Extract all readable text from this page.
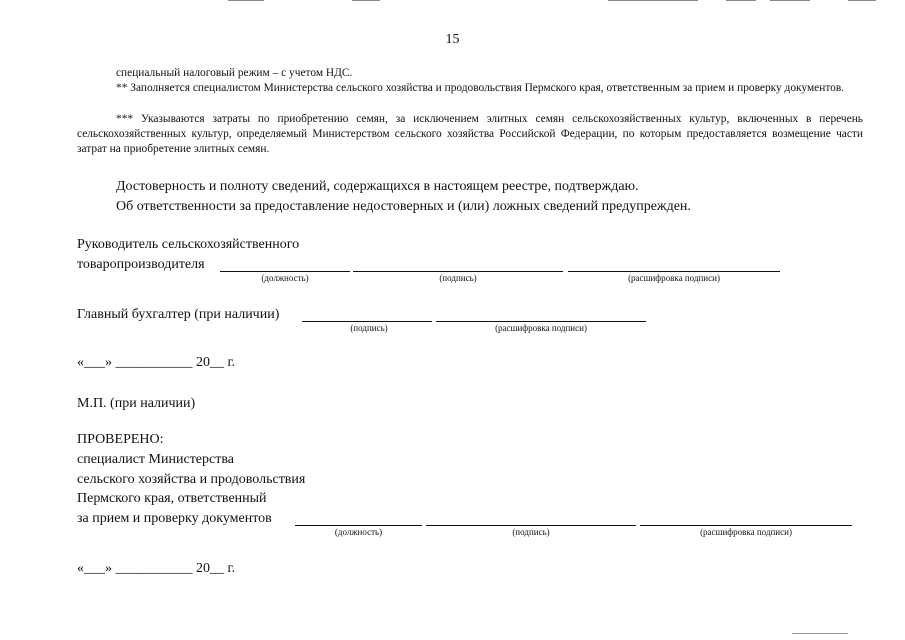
15
специальный налоговый режим – с учетом НДС.

** Заполняется специалистом Министерства сельского хозяйства и продовольствия Пермского края, ответственным за прием и проверку документов.

*** Указываются затраты по приобретению семян, за исключением элитных семян сельскохозяйственных культур, включенных в перечень сельскохозяйственных культур, определяемый Министерством сельского хозяйства Российской Федерации, по которым предоставляется возмещение части затрат на приобретение элитных семян.

Достоверность и полноту сведений, содержащихся в настоящем реестре, подтверждаю.
Об ответственности за предоставление недостоверных и (или) ложных сведений предупрежден.
Руководитель сельскохозяйственного
товаропроизводителя
(должность)	(подпись)	(расшифровка подписи)
Главный бухгалтер (при наличии)
(подпись)	(расшифровка подписи)
«___» ___________ 20__ г.
М.П. (при наличии)
ПРОВЕРЕНО:
специалист Министерства
сельского хозяйства и продовольствия
Пермского края, ответственный
за прием и проверку документов
(должность)	(подпись)	(расшифровка подписи)
«___» ___________ 20__ г.
